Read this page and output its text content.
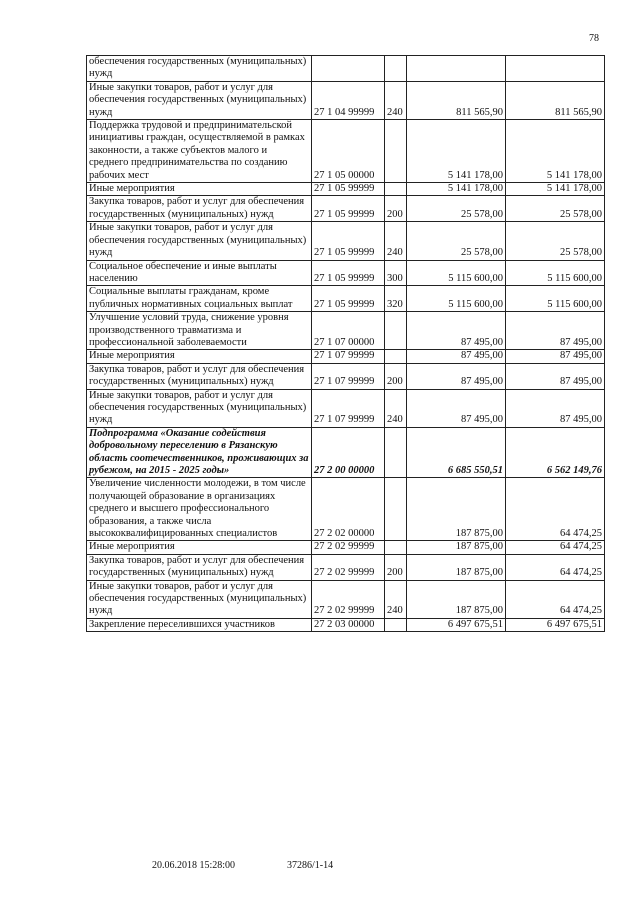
78
обеспечения государственных (муниципальных) нужд				
Иные закупки товаров, работ и услуг для обеспечения государственных (муниципальных) нужд	27 1 04 99999	240	811 565,90	811 565,90
Поддержка трудовой и предпринимательской инициативы граждан, осуществляемой в рамках законности, а также субъектов малого и среднего предпринимательства по созданию рабочих мест	27 1 05 00000		5 141 178,00	5 141 178,00
Иные мероприятия	27 1 05 99999		5 141 178,00	5 141 178,00
Закупка товаров, работ и услуг для обеспечения государственных (муниципальных) нужд	27 1 05 99999	200	25 578,00	25 578,00
Иные закупки товаров, работ и услуг для обеспечения государственных (муниципальных) нужд	27 1 05 99999	240	25 578,00	25 578,00
Социальное обеспечение и иные выплаты населению	27 1 05 99999	300	5 115 600,00	5 115 600,00
Социальные выплаты гражданам, кроме публичных нормативных социальных выплат	27 1 05 99999	320	5 115 600,00	5 115 600,00
Улучшение условий труда, снижение уровня производственного травматизма и профессиональной заболеваемости	27 1 07 00000		87 495,00	87 495,00
Иные мероприятия	27 1 07 99999		87 495,00	87 495,00
Закупка товаров, работ и услуг для обеспечения государственных (муниципальных) нужд	27 1 07 99999	200	87 495,00	87 495,00
Иные закупки товаров, работ и услуг для обеспечения государственных (муниципальных) нужд	27 1 07 99999	240	87 495,00	87 495,00
Подпрограмма «Оказание содействия добровольному переселению в Рязанскую область соотечественников, проживающих за рубежом, на 2015 - 2025 годы»	27 2 00 00000		6 685 550,51	6 562 149,76
Увеличение численности молодежи, в том числе получающей образование в организациях среднего и высшего профессионального образования, а также числа высококвалифицированных специалистов	27 2 02 00000		187 875,00	64 474,25
Иные мероприятия	27 2 02 99999		187 875,00	64 474,25
Закупка товаров, работ и услуг для обеспечения государственных (муниципальных) нужд	27 2 02 99999	200	187 875,00	64 474,25
Иные закупки товаров, работ и услуг для обеспечения государственных (муниципальных) нужд	27 2 02 99999	240	187 875,00	64 474,25
Закрепление переселившихся участников	27 2 03 00000		6 497 675,51	6 497 675,51
20.06.2018 15:28:00	37286/1-14
